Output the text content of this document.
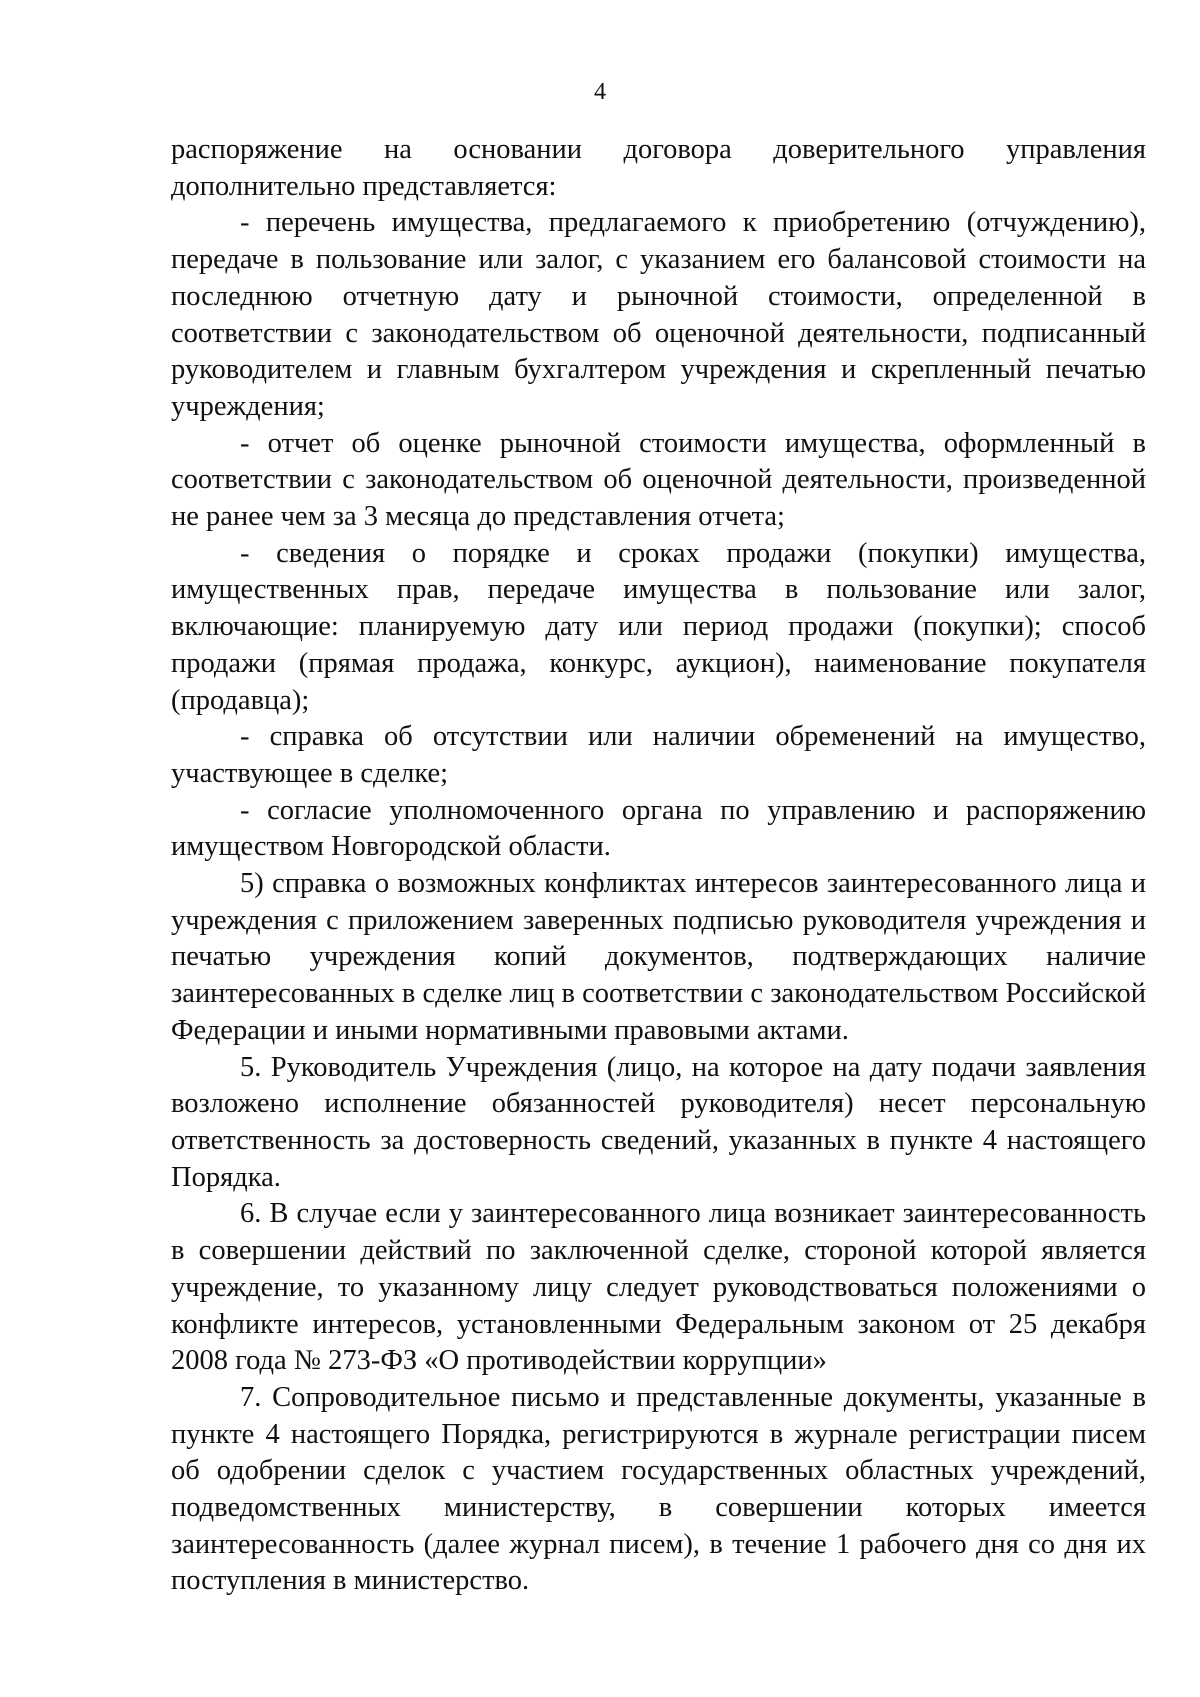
4

распоряжение на основании договора доверительного управления дополнительно представляется:

- перечень имущества, предлагаемого к приобретению (отчуждению), передаче в пользование или залог, с указанием его балансовой стоимости на последнюю отчетную дату и рыночной стоимости, определенной в соответствии с законодательством об оценочной деятельности, подписанный руководителем и главным бухгалтером учреждения и скрепленный печатью учреждения;

- отчет об оценке рыночной стоимости имущества, оформленный в соответствии с законодательством об оценочной деятельности, произведенной не ранее чем за 3 месяца до представления отчета;

- сведения о порядке и сроках продажи (покупки) имущества, имущественных прав, передаче имущества в пользование или залог, включающие: планируемую дату или период продажи (покупки); способ продажи (прямая продажа, конкурс, аукцион), наименование покупателя (продавца);

- справка об отсутствии или наличии обременений на имущество, участвующее в сделке;

- согласие уполномоченного органа по управлению и распоряжению имуществом Новгородской области.

5) справка о возможных конфликтах интересов заинтересованного лица и учреждения с приложением заверенных подписью руководителя учреждения и печатью учреждения копий документов, подтверждающих наличие заинтересованных в сделке лиц в соответствии с законодательством Российской Федерации и иными нормативными правовыми актами.

5. Руководитель Учреждения (лицо, на которое на дату подачи заявления возложено исполнение обязанностей руководителя) несет персональную ответственность за достоверность сведений, указанных в пункте 4 настоящего Порядка.

6. В случае если у заинтересованного лица возникает заинтересованность в совершении действий по заключенной сделке, стороной которой является учреждение, то указанному лицу следует руководствоваться положениями о конфликте интересов, установленными Федеральным законом от 25 декабря 2008 года № 273-ФЗ «О противодействии коррупции»

7. Сопроводительное письмо и представленные документы, указанные в пункте 4 настоящего Порядка, регистрируются в журнале регистрации писем об одобрении сделок с участием государственных областных учреждений, подведомственных министерству, в совершении которых имеется заинтересованность (далее журнал писем), в течение 1 рабочего дня со дня их поступления в министерство.
